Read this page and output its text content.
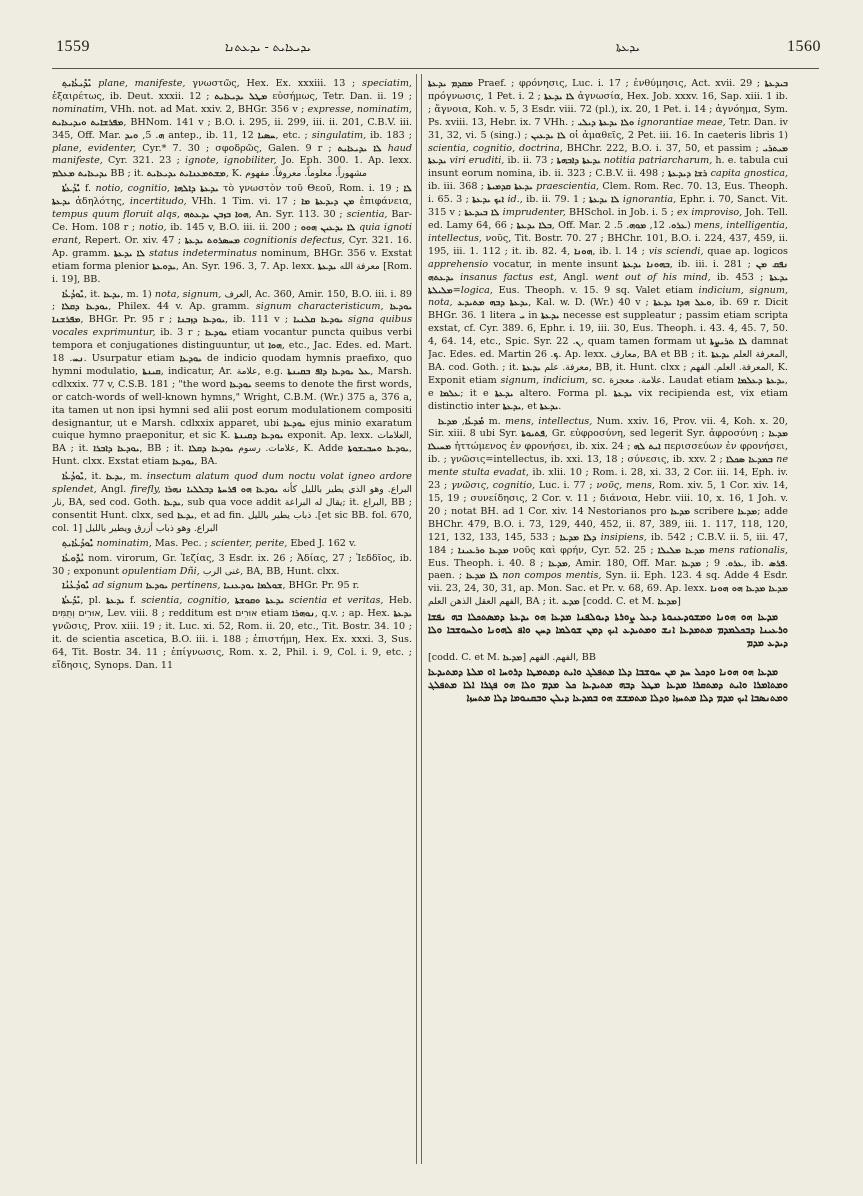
1559	ܝܕܝܥܐܝܬ - ܝܕܥܬܢܐ	ܝܕܥܬܐ	1560

ܝܺܕܺܝܥܳܐܝܬ݂ plane, manifeste, γνωστῶς, Hex. Ex. xxxiii. 13 ; speciatim, ἐξαιρέτως, ib. Deut. xxxii. 12 ; ܡܛܠ ܝܕܝܥܐܝܬ εὐσήμως, Tetr. Dan. ii. 19 ; nominatim, VHh. not. ad Mat. xxiv. 2, BHGr. 356 v ; expresse, nominatim, ܡܦܪܫܐܝܬ ܘܝܕܝܥܐܝܬ, BHNom. 141 v ; B.O. i. 295, ii. 299, iii. ii. 201, C.B.V. iii. 345, Off. Mar.	ܗ. 5, ܘܝܕ	antep., ib. 11, ܚܣܝܐ 12, etc. ; singulatim, ib. 183 ; plane, evidenter, Cyr.* 7. 30 ; σφοδρῶς, Galen. 9 r ; ܠܐ ܝܕܝܥܐܝܬ haud manifeste, Cyr. 321. 23 ; ignote, ignobiliter, Jo. Eph. 300. 1. Ap. lexx. ܝܕܝܥܐܝܬ ܡܥܠܡ BB ; it. ܡܫܬܡܥܢܐܝܬ ܝܕܝܥܐܝܬ, K. مشهوراً. معلوماً. معروفاً. مفهوم

ܝܽܕܳܥܬܳܐ f. notio, cognitio, ܝܕܥܬܐ ܕܐܠܗܐ τὸ γνωστὸν τοῦ Θεοῦ, Rom. i. 19 ; ܠܐ ܝܕܥܬܐ ἀδηλότης, incertitudo, VHh. 1 Tim. vi. 17 ; ܡܢ ܕܝܕܥܬܐ ܡܐ ἐπιφάνεια, tempus quum floruit alqs, ܗܘܐ ܒܙܒܢ ܝܕܥܬܗ, An. Syr. 113. 30 ; scientia, Bar-Ce. Hom. 108 r ; notio, ib. 145 v, B.O. iii. ii. 200 ; ܠܐ ܝܕܥܝܢ ܗܘܘ quia ignoti erant, Repert. Or. xiv. 47 ; ܡܚܣܪܘܬ ܝܕܥܬܐ cognitionis defectus, Cyr. 321. 16. Ap. gramm. ܠܐ ܝܕܥܬܐ status indeterminatus nominum, BHGr. 356 v. Exstat etiam forma plenior ܝܕܘܥܬܐ, An. Syr. 196. 3, 7. Ap. lexx. ܝܕܥܬܐ معرفة الله [Rom. i. 19], BB.

ܝܽܘܕܳܥܳܐ, it. ܝܕܥܐ, m. 1) nota, signum, العرف, Ac. 360, Amir. 150, B.O. iii. i. 89 ; ܝܘܕܥܐ ܕܩܠܐ, Philex. 44 v. Ap. gramm. signum characteristicum, ܝܘܕܥܐ ܡܦܪܫܢܐ, BHGr. Pr. 95 r ; ܝܘܕܥܐ ܕܙܒܢܐ, ib. 111 v ; ܝܘܕܥܐ ܩܠܢܝܐ signa quibus vocales exprimuntur, ib. 3 r ; ܝܘܕܥܐ etiam vocantur puncta quibus verbi tempora et conjugationes distinguuntur, ut ܗܘܐ, etc., Jac. Edes. ed. Mart. ܢܚ. 18. Usurpatur etiam ܝܘܕܥܐ de indicio quodam hymnis praefixo, quo hymni modulatio, ܩܝܢܬܐ, indicatur, Ar. علامة, e.g. ܥܠ ܝܘܕܥܐ ܕܐܦ ܒܩܝܢܬܐ, Marsh. cdlxxix. 77 v, C.S.B. 181 ; "the word ܝܘܕܥܐ seems to denote the first words, or catch-words of well-known hymns," Wright, C.B.M. (Wr.) 375 a, 376 a, ita tamen ut non ipsi hymni sed alii post eorum modulationem compositi designantur, ut e Marsh. cdlxxix apparet, ubi ܝܘܕܥܐ ejus minio exaratum cuique hymno praeponitur, et sic K. ܝܘܕܥܐ ܕܩܝܢܬܐ exponit. Ap. lexx. العلامات, BA ; it. ܝܘܕܥܐ ܕܐܒܪܐ, BB ; it. ܝܘܕܥܐ ܕܩܠܐ علامات. رسوم, K. Adde ܝܘܕܥܐ ܘܚܒܝܫܘܬܐ, Hunt. clxx. Exstat etiam ܝܘܕܥܐ, BA.

ܝܽܘܕܳܥܳܐ, it. ܝܕܥܐ, m. insectum alatum quod dum noctu volat igneo ardore splendet, Angl. firefly, ܝܘܕܥܐ ܗܘ ܦܪܚܬܐ ܕܒܠܠܝܐ ܢܗܪܐ البراع. وهو الذي يطير بالليل كأنه نار, BA, sed cod. Goth. ܝܕܥܐ, sub qua voce addit يقال له البراعة; it. البراع, BB ; consentit Hunt. clxx, sed ܝܕܥܐ, et ad fin. ذباب يطير بالليل .[et sic BB. fol. 670, col. 1] البراع. وهو ذباب أزرق ويطير بالليل

ܝܽܘܕܳܥܳܐܝܬ݂ nominatim, Mas. Pec. ; scienter, perite, Ebed J. 162 v.

ܝܳܕܽܘܥܳܐ nom. virorum, Gr. Ἰεζίας, 3 Esdr. ix. 26 ; Ἀδίας, 27 ; Ἰεδδῖος, ib. 30 ; exponunt opulentiam Dñi, غنى الرب, BA, BB, Hunt. clxx.

ܝܽܘܕܳܥܳܢܳܐ ad signum ܝܘܕܥܐ pertinens, ܫܘܠܡܐ ܝܘܕܥܢܝܐ, BHGr. Pr. 95 r.

ܝܺܕܰܥܬܳܐ, pl. ܝܕܥܬܐ f. scientia, cognitio, ܝܕܥܬܐ ܘܩܘܫܬܐ scientia et veritas, Heb. אוּרִים וְתֻמִּים, Lev. viii. 8 ; redditum est אוּרִים etiam ܢܘܗܪܐ, q.v. ; ap. Hex. ܝܕܥܬܐ γνῶσις, Prov. xiii. 19 ; it. Luc. xi. 52, Rom. ii. 20, etc., Tit. Bostr. 34. 10 ; it. de scientia ascetica, B.O. iii. i. 188 ; ἐπιστήμη, Hex. Ex. xxxi. 3, Sus. 64, Tit. Bostr. 34. 11 ; ἐπίγνωσις, Rom. x. 2, Phil. i. 9, Col. i. 9, etc. ; εἴδησις, Synops. Dan. 11

ܡܩܕܡ ܝܕܥܬܐ Praef. ; φρόνησις, Luc. i. 17 ; ἐνθύμησις, Act. xvii. 29 ; ܒܝܕܥܬܐ πρόγνωσις, 1 Pet. i. 2 ; ܠܐ ܝܕܥܬܐ ἀγνωσία, Hex. Job. xxxv. 16, Sap. xiii. 1 ib. ; ἄγνοια, Koh. v. 5, 3 Esdr. viii. 72 (pl.), ix. 20, 1 Pet. i. 14 ; ἀγνόημα, Sym. Ps. xviii. 13, Hebr. ix. 7 VHh. ; ܘܠܐ ܝܕܥܬܐ ܕܝܠܝ ignorantiae meae, Tetr. Dan. iv 31, 32, vi. 5 (sing.) ; ܠܐ ܝܕܥܝܢ οἱ ἀμαθεῖς, 2 Pet. iii. 16. In caeteris libris 1) scientia, cognitio, doctrina, BHChr. 222, B.O. i. 37, 50, et passim ; ܡܝܬܪܝ ܝܕܥܬܐ viri eruditi, ib. ii. 73 ; ܝܕܥܬܐ ܕܐܒܗܬܐ notitia patriarcharum, h. e. tabula cui insunt eorum nomina, ib. ii. 323 ; C.B.V. ii. 498 ; ܪܫܐ ܕܝܕܥܬܐ capita gnostica, ib. iii. 368 ; ܝܕܥܬܐ ܩܕܡܝܬܐ praescientia, Clem. Rom. Rec. 70. 13, Eus. Theoph. i. 65. 3 ; ܐܝܟ ܝܕܥܬܐ id., ib. ii. 79. 1 ; ܠܐ ܝܕܥܬܐ ignorantia, Ephr. i. 70, Sanct. Vit. 315 v ; ܠܐ ܒܝܕܥܬܐ imprudenter, BHSchol. in Job. i. 5 ; ex improviso, Joh. Tell. ed. Lamy 64, 66 ; ܒܠܐ ܝܕܥܬܐ, Off. Mar.	ܥܪܘ. 12, ܡܘܗ. 5. 2) mens, intelligentia, intellectus, νοῦς, Tit. Bostr. 70. 27 ; BHChr. 101, B.O. i. 224, 437, 459, ii. 195, iii. 1. 112 ; it. ib. 82. 4, ܗܘܢܐ, ib. l. 14 ; vis sciendi, quae ap. logicos apprehensio vocatur, in mente insunt ܒܗܘܢܐ ܝܕܥܬܐ, ib. iii. i. 281 ; ܢܦܩ ܡܢ ܝܕܥܬܗ insanus factus est, Angl. went out of his mind, ib. 453 ; ܝܕܥܬܐ ܡܠܝܠܬܐ=logica, Eus. Theoph. v. 15. 9 sq. Valet etiam indicium, signum, nota, ܝܕܥܬܐ ܕܒܗ ܡܬܝܕܥ, Kal. w. D. (Wr.) 40 v ; ܘܥܠ ܗܕܐ ܝܕܥܬܐ, ib. 69 r. Dicit BHGr. 36. 1 litera ܝ in ܝܕܥܬܐ necesse est suppleatur ; passim etiam scripta exstat, cf. Cyr. 389. 6, Ephr. i. 19, iii. 30, Eus. Theoph. i. 43. 4, 45. 7, 50. 4, 64. 14, etc., Spic. Syr.	ܢ. 22, quam tamen formam ut ܠܐ ܬܪܝܨܬܐ damnat Jac. Edes. ed. Martin ܟ. 26. Ap. lexx. معارف, BA et BB ; it. ܝܕܥܬܐ المعرفة العلم, BA. cod. Goth. ; it. ܝܕܥܬܐ معرفة. علم, BB, it. Hunt. clxx ; المعرفة. العلم. الفهم, K. Exponit etiam signum, indicium, sc. علامة. معجزة. Laudat etiam ܝܕܥܬܐ ܕܥܠܡܐ, e ܥܠܡܐ; it e ܝܕܥܬܐ altero. Forma pl. ܝܕܥܬܐ vix recipienda est, vix etiam distinctio inter ܝܕܥܬܐ, et ܝܕܥܬܐ.

ܡܰܕܥܳܐ, ܡܕܥܐ	m. mens, intellectus, Num. xxiv. 16, Prov. vii. 4, Koh. x. 20, Sir. xiii. 8 ubi Syr. ܦܬܝܘܬܐ, Gr. εὐφροσύνη, sed legerit Syr. ἀφροσύνη ; ܡܕܥܐ ܡܚܝܠܐ ἡττώμενος ἐν φρονήσει, ib. xix. 24 ; ܐܝܬ ܠܗ περισσεύων ἐν φρονήσει, ib. ; γνῶσις=intellectus, ib. xxi. 13, 18 ; σύνεσις, ib. xxv. 2 ; ܒܡܕܥܐ ܣܟܠܐ ne mente stulta evadat, ib. xlii. 10 ; Rom. i. 28, xi. 33, 2 Cor. iii. 14, Eph. iv. 23 ; γνῶσις, cognitio, Luc. i. 77 ; νοῦς, mens, Rom. xiv. 5, 1 Cor. xiv. 14, 15, 19 ; συνείδησις, 2 Cor. v. 11 ; διάνοια, Hebr. viii. 10, x. 16, 1 Joh. v. 20 ; notat BH. ad 1 Cor. xiv. 14 Nestorianos pro ܡܕܥܐ scribere ܡܕܥܐ; adde BHChr. 479, B.O. i. 73, 129, 440, 452, ii. 87, 389, iii. 1. 117, 118, 120, 121, 132, 133, 145, 533 ; ܕܠܐ ܡܕܥܐ insipiens, ib. 542 ; C.B.V. ii. 5, iii. 47, 184 ; ܡܕܥܐ ܘܪܥܝܢܐ νοῦς καὶ φρήν, Cyr. 52. 25 ; ܡܕܥܐ ܡܠܝܠܐ mens rationalis, Eus. Theoph. i. 40. 8 ; ܡܕܥܐ, Amir. 180, Off. Mar.	ܥܪܘ. 9 ; ܡܕܥܐ	, ib. ܦܪܣ. paen. ; ܠܐ ܡܕܥܐ non compos mentis, Syn. ii. Eph. 123. 4 sq. Adde 4 Esdr. vii. 23, 24, 30, 31, ap. Mon. Sac. et Pr. v. 68, 69. Ap. lexx.	ܡܕܥܐ ܡܕܥܐ ܗܘ ܗܘܢܐ الفهم العقل الذهن العلم, BA ; it. ܡܕܥ [codd. C. et M. ܡܕܥܐ]

ܡܕܥܐ ܗܘ ܗܘܢܐ ܘܡܫܘܕܥܢܘܬܐ ܕܥܠ ܨܘܪܬܐ ܕܝܘܠܦܢܐ ܡܕܥܐ ܗܘ ܝܕܥܬܐ ܕܡܣܬܟܠܐ ܒܗ ܢܦܫܐ ܘܪܥܝܢܐ ܕܒܟܠܡܕܡ ܡܬܡܕܥܐ ܐܢܫ ܘܡܬܝܕܥ ܐܝܟ ܕܡܢ ܫܘܠܡܐ ܕܚܢ ܘܐܦ ܠܗܘܢܐ ܘܠܚܘܫܒܐ ܘܠܐ ܕܝܕܥ ܡܕܡ

[codd. C. et M. ܡܕܥܐ] الفهم. الفهم, BB

ܡܕܥܐ ܗܘ ܗܘܢܐ ܘܕܟܠ ܚܕ ܡܢ ܚܘܫܒܐ ܕܠܐ ܡܬܦܠܓ ܘܐܝܬ ܕܡܬܡܛܐ ܕܪܘܚܐ ܐܘ ܡܠܬܐ ܕܡܬܝܕܥܐ ܘܡܬܐܡܪܐ ܘܐܝܬ ܕܡܬܩܪܐ ܡܕܥܐ ܡܛܠ ܕܒܗ ܡܬܝܕܥܐ ܟܠ ܡܕܡ ܘܠܐ ܗܘ ܦܓܪܐ ܐܠܐ ܡܬܦܠܓ ܘܡܬܢܣܒܐ ܐܝܟ ܡܕܡ ܕܠܐ ܡܬܚܙܐ ܘܕܠܐ ܡܬܡܫܫ ܗܘ ܒܡܕܥܐ ܕܝܠܢ ܘܒܩܢܘܡܐ ܕܠܐ ܡܬܚܙܐ
